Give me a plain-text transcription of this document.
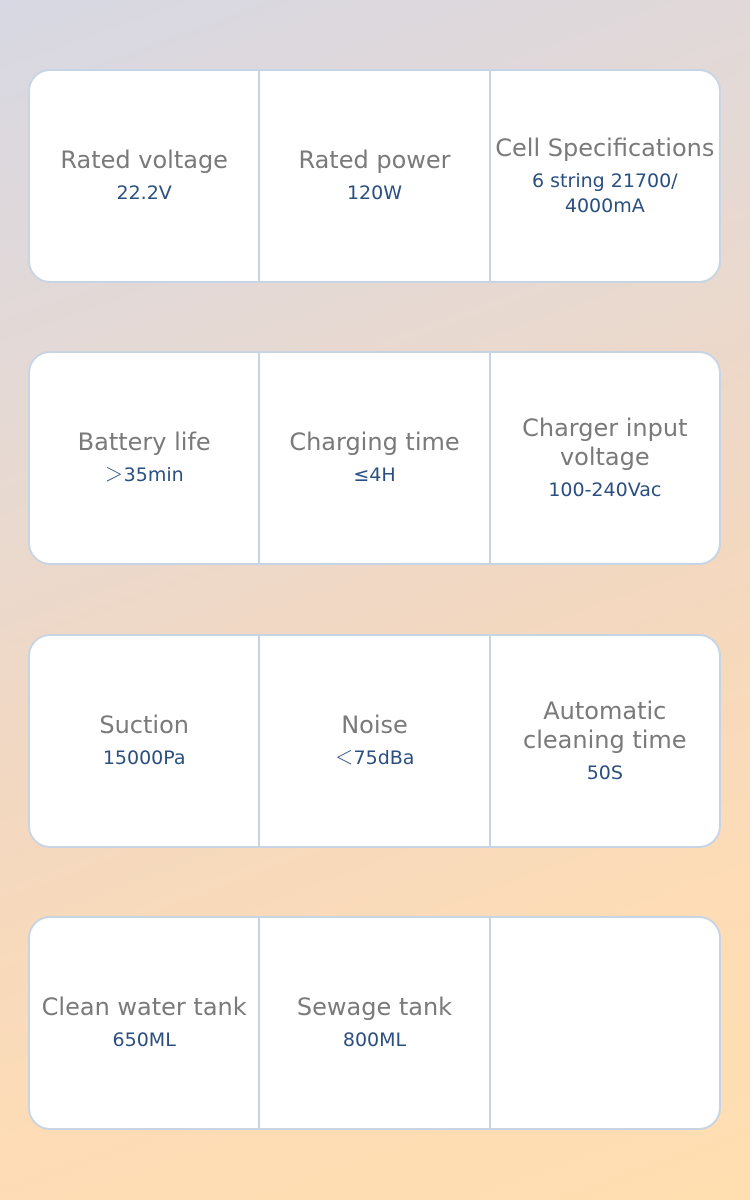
Rated voltage
22.2V
Rated power
120W
Cell Specifications
6 string 21700/ 4000mA
Battery life
＞35min
Charging time
≤4H
Charger input voltage
100-240Vac
Suction
15000Pa
Noise
＜75dBa
Automatic cleaning time
50S
Clean water tank
650ML
Sewage tank
800ML
